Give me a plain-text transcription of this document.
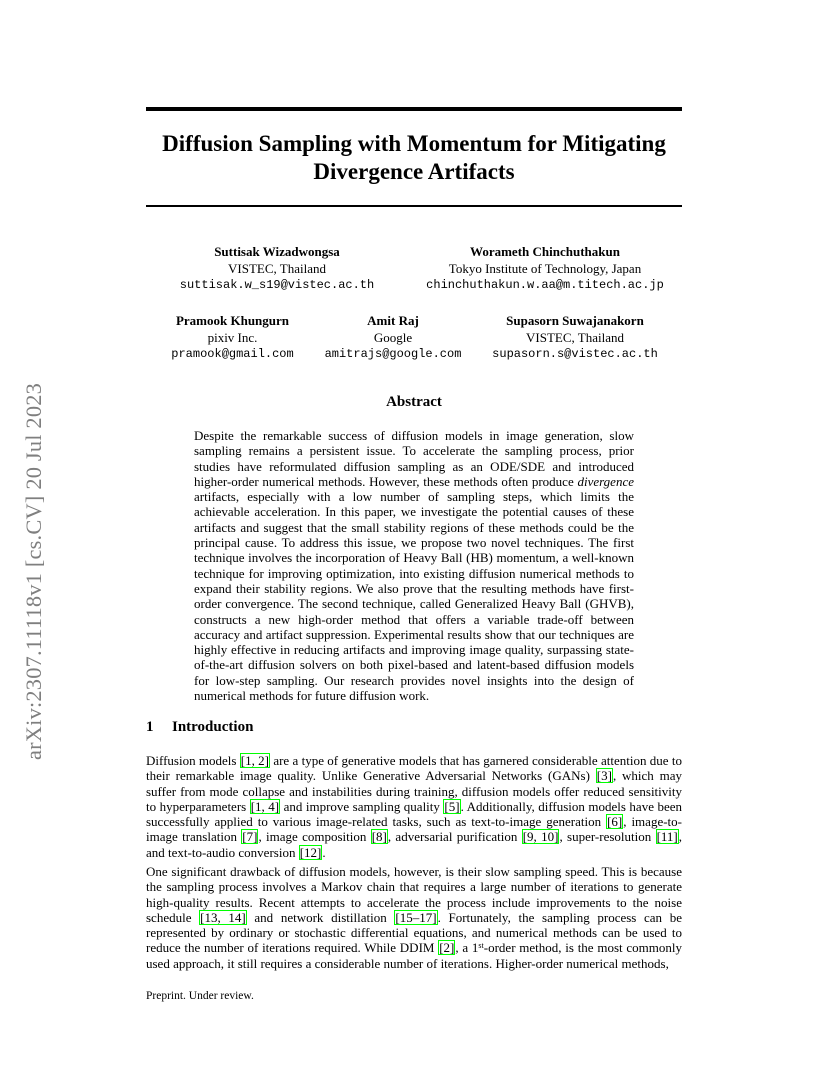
Diffusion Sampling with Momentum for Mitigating Divergence Artifacts
arXiv:2307.11118v1 [cs.CV] 20 Jul 2023
Suttisak Wizadwongsa
VISTEC, Thailand
suttisak.w_s19@vistec.ac.th
Worameth Chinchuthakun
Tokyo Institute of Technology, Japan
chinchuthakun.w.aa@m.titech.ac.jp
Pramook Khungurn
pixiv Inc.
pramook@gmail.com
Amit Raj
Google
amitrajs@google.com
Supasorn Suwajanakorn
VISTEC, Thailand
supasorn.s@vistec.ac.th
Abstract
Despite the remarkable success of diffusion models in image generation, slow sampling remains a persistent issue. To accelerate the sampling process, prior studies have reformulated diffusion sampling as an ODE/SDE and introduced higher-order numerical methods. However, these methods often produce divergence artifacts, especially with a low number of sampling steps, which limits the achievable acceleration. In this paper, we investigate the potential causes of these artifacts and suggest that the small stability regions of these methods could be the principal cause. To address this issue, we propose two novel techniques. The first technique involves the incorporation of Heavy Ball (HB) momentum, a well-known technique for improving optimization, into existing diffusion numerical methods to expand their stability regions. We also prove that the resulting methods have first-order convergence. The second technique, called Generalized Heavy Ball (GHVB), constructs a new high-order method that offers a variable trade-off between accuracy and artifact suppression. Experimental results show that our techniques are highly effective in reducing artifacts and improving image quality, surpassing state-of-the-art diffusion solvers on both pixel-based and latent-based diffusion models for low-step sampling. Our research provides novel insights into the design of numerical methods for future diffusion work.
1 Introduction
Diffusion models [1, 2] are a type of generative models that has garnered considerable attention due to their remarkable image quality. Unlike Generative Adversarial Networks (GANs) [3], which may suffer from mode collapse and instabilities during training, diffusion models offer reduced sensitivity to hyperparameters [1, 4] and improve sampling quality [5]. Additionally, diffusion models have been successfully applied to various image-related tasks, such as text-to-image generation [6], image-to-image translation [7], image composition [8], adversarial purification [9, 10], super-resolution [11], and text-to-audio conversion [12].
One significant drawback of diffusion models, however, is their slow sampling speed. This is because the sampling process involves a Markov chain that requires a large number of iterations to generate high-quality results. Recent attempts to accelerate the process include improvements to the noise schedule [13, 14] and network distillation [15–17]. Fortunately, the sampling process can be represented by ordinary or stochastic differential equations, and numerical methods can be used to reduce the number of iterations required. While DDIM [2], a 1st-order method, is the most commonly used approach, it still requires a considerable number of iterations. Higher-order numerical methods,
Preprint. Under review.
